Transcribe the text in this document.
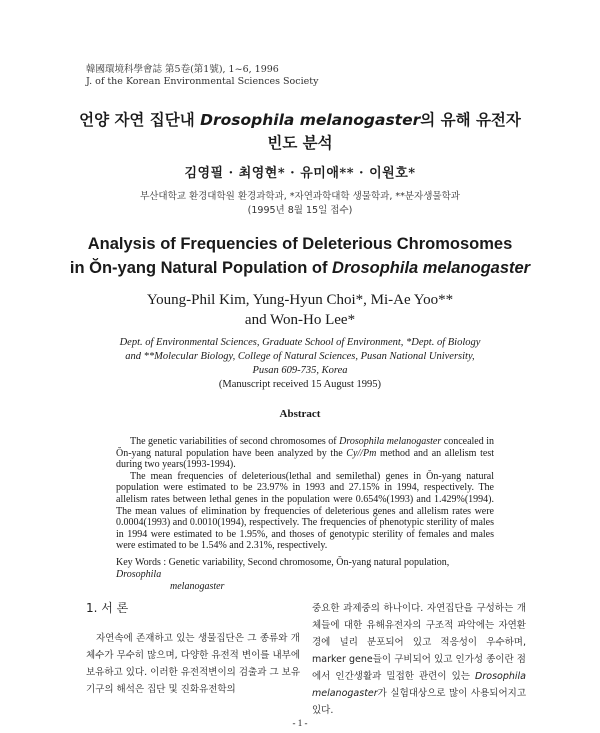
韓國環境科學會誌 第5卷(第1號), 1~6, 1996
J. of the Korean Environmental Sciences Society
언양 자연 집단내 Drosophila melanogaster의 유해 유전자
빈도 분석
김영필 · 최영현* · 유미애** · 이원호*
부산대학교 환경대학원 환경과학과, *자연과학대학 생물학과, **분자생물학과
(1995년 8월 15일 접수)
Analysis of Frequencies of Deleterious Chromosomes
in Ŏn-yang Natural Population of Drosophila melanogaster
Young-Phil Kim, Yung-Hyun Choi*, Mi-Ae Yoo**
and Won-Ho Lee*
Dept. of Environmental Sciences, Graduate School of Environment, *Dept. of Biology
and **Molecular Biology, College of Natural Sciences, Pusan National University,
Pusan 609-735, Korea
(Manuscript received 15 August 1995)
Abstract

The genetic variabilities of second chromosomes of Drosophila melanogaster concealed in Ŏn-yang natural population have been analyzed by the Cy//Pm method and an allelism test during two years(1993-1994).

The mean frequencies of deleterious(lethal and semilethal) genes in Ŏn-yang natural population were estimated to be 23.97% in 1993 and 27.15% in 1994, respectively. The allelism rates between lethal genes in the population were 0.654%(1993) and 1.429%(1994). The mean values of elimination by frequencies of deleterious genes and allelism rates were 0.0004(1993) and 0.0010(1994), respectively. The frequencies of phenotypic sterility of males in 1994 were estimated to be 1.95%, and thoses of genotypic sterility of females and males were estimated to be 1.54% and 2.31%, respectively.

Key Words : Genetic variability, Second chromosome, Ŏn-yang natural population, Drosophila
melanogaster
1. 서 론

자연속에 존재하고 있는 생물집단은 그 종류와 개체수가 무수히 많으며, 다양한 유전적 변이를 내부에 보유하고 있다. 이러한 유전적변이의 검출과 그 보유기구의 해석은 집단 및 진화유전학의

중요한 과제중의 하나이다. 자연집단을 구성하는 개체들에 대한 유해유전자의 구조적 파악에는 자연환경에 널리 분포되어 있고 적응성이 우수하며, marker gene들이 구비되어 있고 인가성 종이란 점에서 인간생활과 밀접한 관련이 있는 Drosophila melanogaster가 실험대상으로 많이 사용되어지고 있다.

- 1 -
